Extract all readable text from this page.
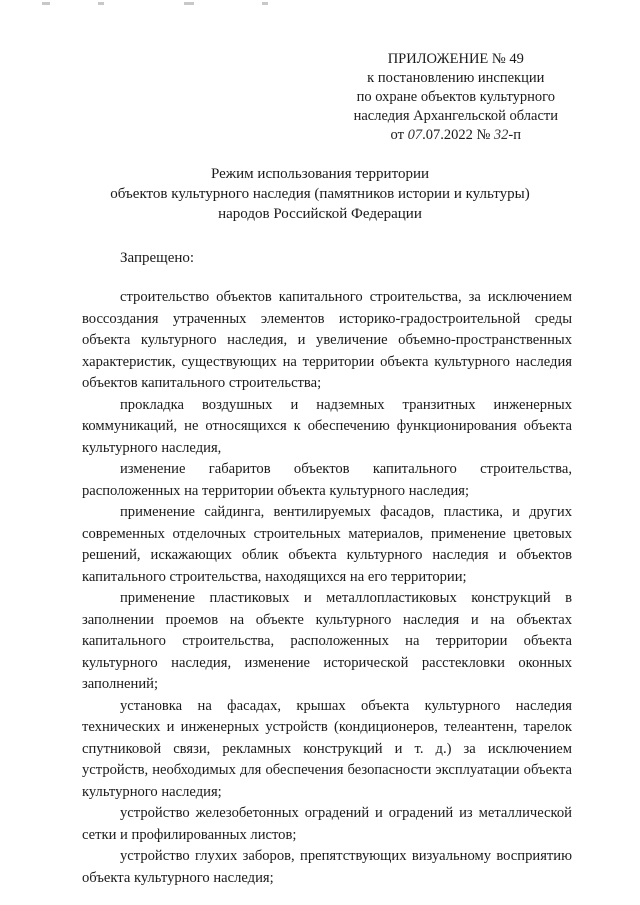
ПРИЛОЖЕНИЕ № 49
к постановлению инспекции
по охране объектов культурного
наследия Архангельской области
от 07.07.2022 № 32-п
Режим использования территории
объектов культурного наследия (памятников истории и культуры)
народов Российской Федерации
Запрещено:

строительство объектов капитального строительства, за исключением воссоздания утраченных элементов историко-градостроительной среды объекта культурного наследия, и увеличение объемно-пространственных характеристик, существующих на территории объекта культурного наследия объектов капитального строительства;

прокладка воздушных и надземных транзитных инженерных коммуникаций, не относящихся к обеспечению функционирования объекта культурного наследия,

изменение габаритов объектов капитального строительства, расположенных на территории объекта культурного наследия;

применение сайдинга, вентилируемых фасадов, пластика, и других современных отделочных строительных материалов, применение цветовых решений, искажающих облик объекта культурного наследия и объектов капитального строительства, находящихся на его территории;

применение пластиковых и металлопластиковых конструкций в заполнении проемов на объекте культурного наследия и на объектах капитального строительства, расположенных на территории объекта культурного наследия, изменение исторической расстекловки оконных заполнений;

установка на фасадах, крышах объекта культурного наследия технических и инженерных устройств (кондиционеров, телеантенн, тарелок спутниковой связи, рекламных конструкций и т. д.) за исключением устройств, необходимых для обеспечения безопасности эксплуатации объекта культурного наследия;

устройство железобетонных оградений и оградений из металлической сетки и профилированных листов;

устройство глухих заборов, препятствующих визуальному восприятию объекта культурного наследия;
